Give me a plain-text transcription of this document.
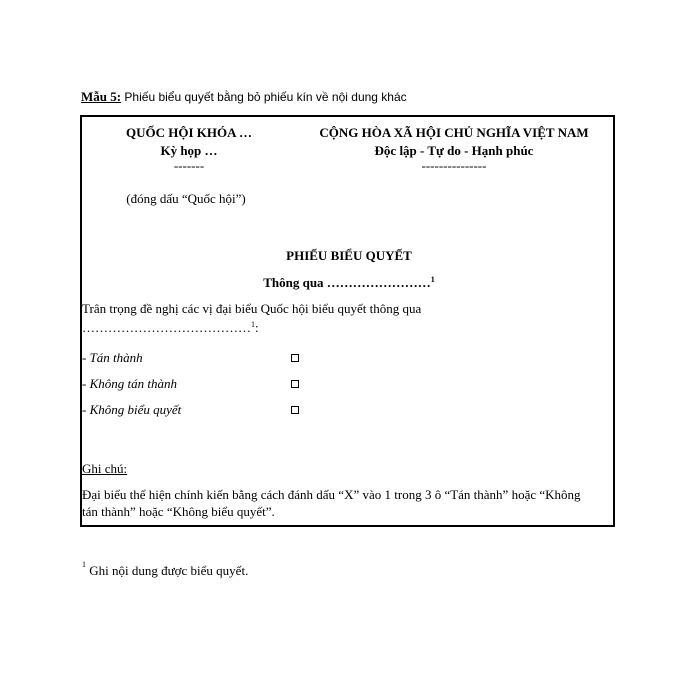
Mẫu 5: Phiếu biểu quyết bằng bỏ phiếu kín về nội dung khác
QUỐC HỘI KHÓA …
Kỳ họp …
-------
CỘNG HÒA XÃ HỘI CHỦ NGHĨA VIỆT NAM
Độc lập - Tự do - Hạnh phúc
---------------
(đóng dấu “Quốc hội”)
PHIẾU BIỂU QUYẾT
Thông qua ……………………$^1$
Trân trọng đề nghị các vị đại biểu Quốc hội biểu quyết thông qua
…………………………………$^1$:
- Tán thành
- Không tán thành
- Không biểu quyết
Ghi chú:
Đại biểu thể hiện chính kiến bằng cách đánh dấu “X” vào 1 trong 3 ô “Tán thành” hoặc “Không
tán thành” hoặc “Không biểu quyết”.
$^1$ Ghi nội dung được biểu quyết.
